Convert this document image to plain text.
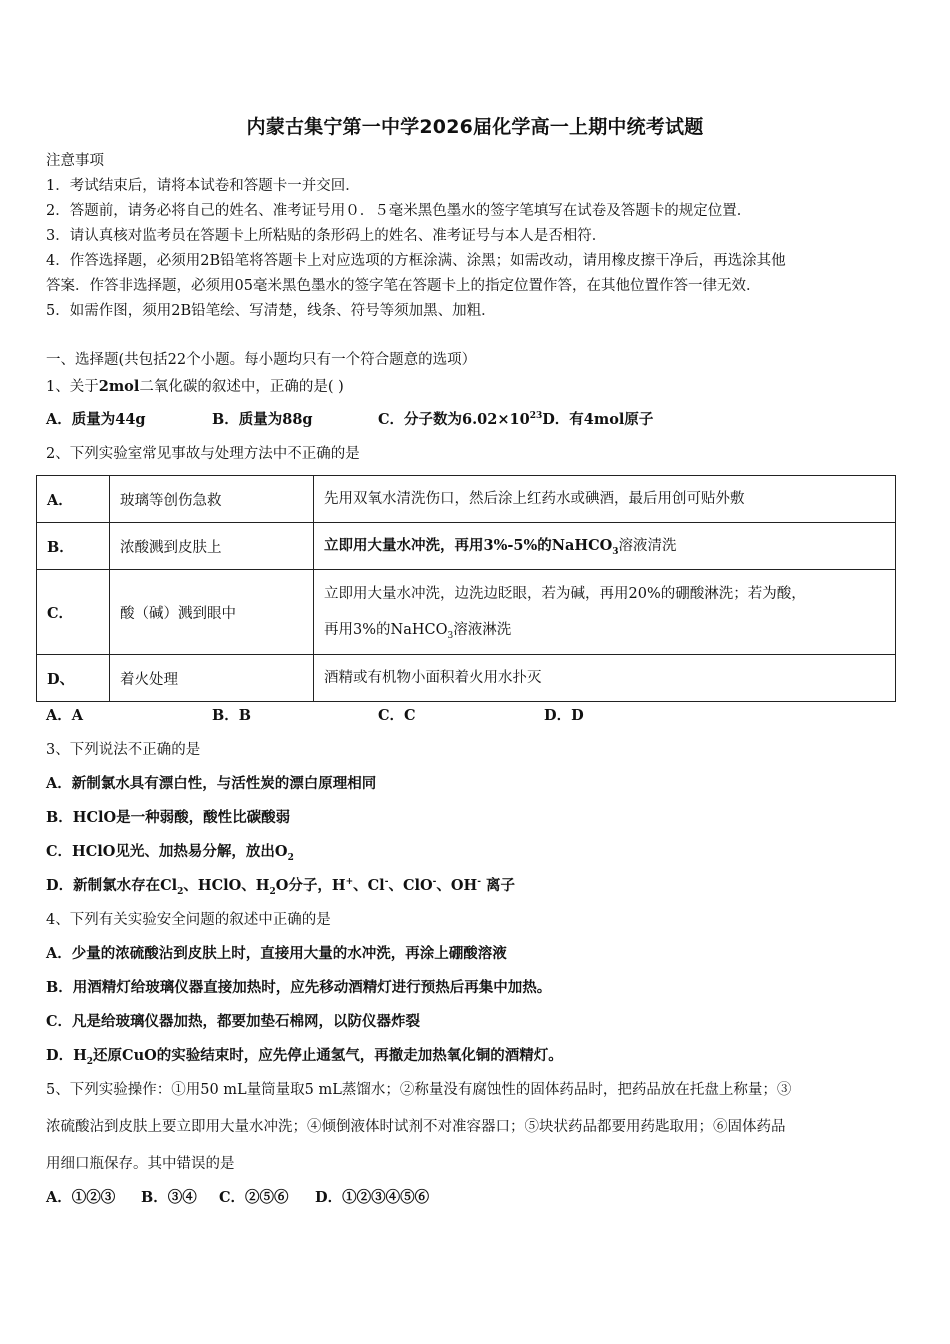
内蒙古集宁第一中学2026届化学高一上期中统考试题
注意事项
1．考试结束后，请将本试卷和答题卡一并交回．
2．答题前，请务必将自己的姓名、准考证号用０．５毫米黑色墨水的签字笔填写在试卷及答题卡的规定位置．
3．请认真核对监考员在答题卡上所粘贴的条形码上的姓名、准考证号与本人是否相符．
4．作答选择题，必须用2B铅笔将答题卡上对应选项的方框涂满、涂黑；如需改动，请用橡皮擦干净后，再选涂其他
答案．作答非选择题，必须用05毫米黑色墨水的签字笔在答题卡上的指定位置作答，在其他位置作答一律无效．
5．如需作图，须用2B铅笔绘、写清楚，线条、符号等须加黑、加粗．
一、选择题(共包括22个小题。每小题均只有一个符合题意的选项）
1、关于2mol二氧化碳的叙述中，正确的是( )
A．质量为44g	B．质量为88g	C．分子数为$6.02\times 10^{23}D$．有4mol原子
2、下列实验室常见事故与处理方法中不正确的是
A．	玻璃等创伤急救	先用双氧水清洗伤口，然后涂上红药水或碘酒，最后用创可贴外敷
B．	浓酸溅到皮肤上	立即用大量水冲洗，再用3%-5%的NaHCO$_3$溶液清洗
C．	酸（碱）溅到眼中	立即用大量水冲洗，边洗边眨眼，若为碱，再用20%的硼酸淋洗；若为酸，
再用3%的NaHCO$_3$溶液淋洗

D、	着火处理	酒精或有机物小面积着火用水扑灭
A．A	B．B	C．C	D．D
3、下列说法不正确的是
A．新制氯水具有漂白性，与活性炭的漂白原理相同
B．HClO是一种弱酸，酸性比碳酸弱
C．HClO见光、加热易分解，放出$O_2$
D．新制氯水存在$Cl_2$、HClO、$H_2O$分子，H+、Cl-、ClO-、OH- 离子
4、下列有关实验安全问题的叙述中正确的是
A．少量的浓硫酸沾到皮肤上时，直接用大量的水冲洗，再涂上硼酸溶液
B．用酒精灯给玻璃仪器直接加热时，应先移动酒精灯进行预热后再集中加热。
C．凡是给玻璃仪器加热，都要加垫石棉网，以防仪器炸裂
D．$H_2$还原CuO的实验结束时，应先停止通氢气，再撤走加热氧化铜的酒精灯。
5、下列实验操作：①用50 mL量筒量取5 mL蒸馏水；②称量没有腐蚀性的固体药品时，把药品放在托盘上称量；③
浓硫酸沾到皮肤上要立即用大量水冲洗；④倾倒液体时试剂不对准容器口；⑤块状药品都要用药匙取用；⑥固体药品
用细口瓶保存。其中错误的是
A．①②③ B．③④ C．②⑤⑥ D．①②③④⑤⑥
